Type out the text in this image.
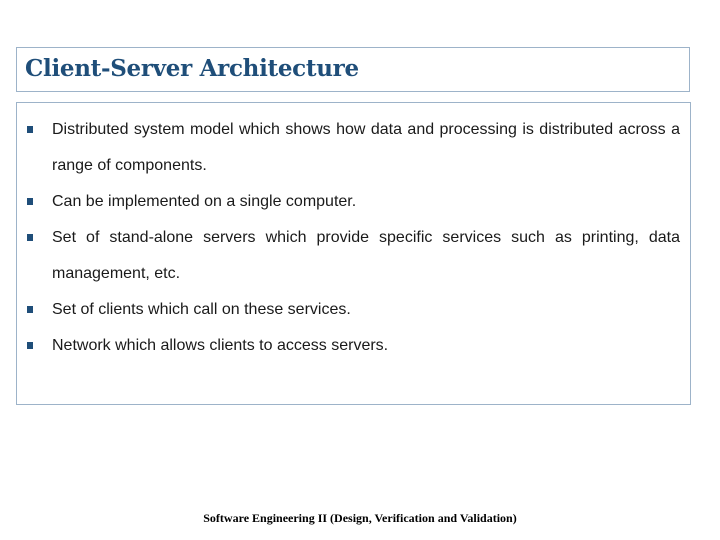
Client-Server Architecture
Distributed system model which shows how data and processing is distributed across a range of components.
Can be implemented on a single computer.
Set of stand-alone servers which provide specific services such as printing, data management, etc.
Set of clients which call on these services.
Network which allows clients to access servers.
Software Engineering II (Design, Verification and Validation)
